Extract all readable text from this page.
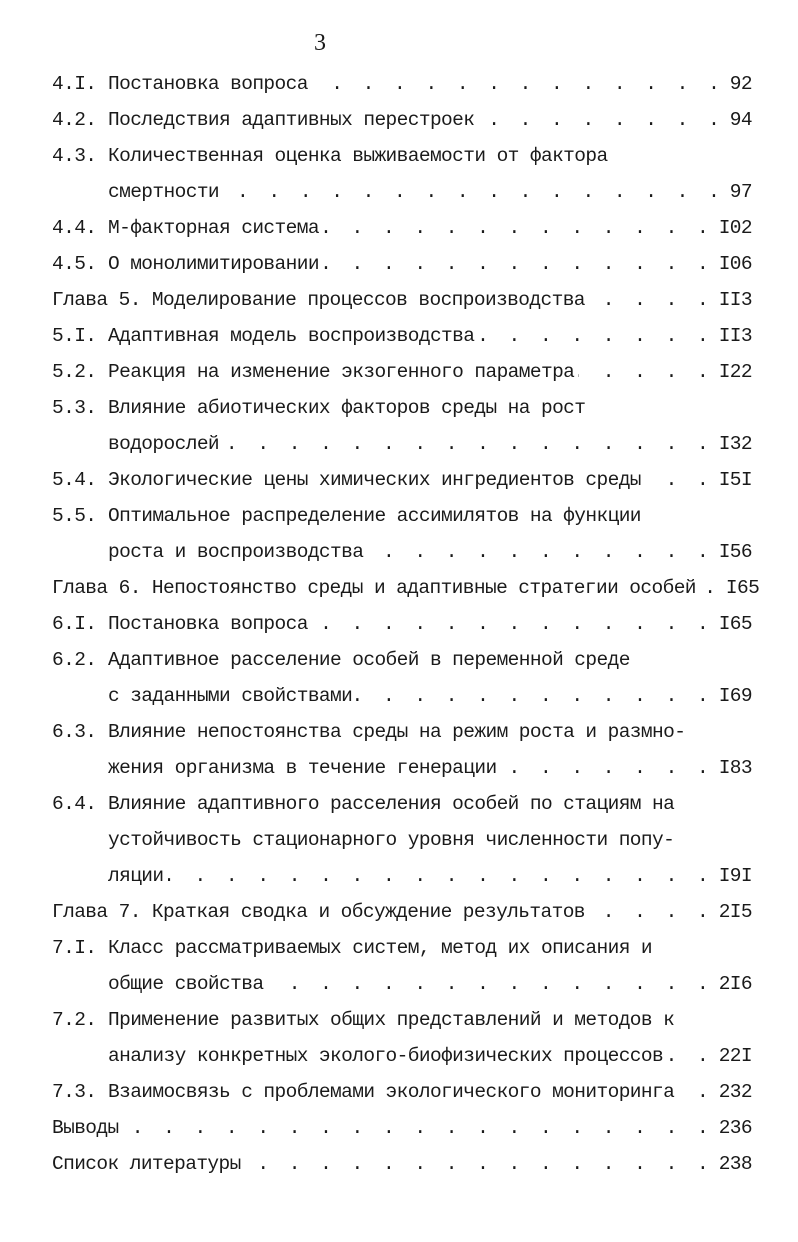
3
4.I. Постановка вопроса . . .	92
4.2. Последствия адаптивных перестроек . . .	94
4.3. Количественная оценка выживаемости от фактора
смертности . . .	97
4.4. М-факторная система . . .	I02
4.5. О монолимитировании . . .	I06
Глава 5. Моделирование процессов воспроизводства . . .	II3
5.I. Адаптивная модель воспроизводства . . .	II3
5.2. Реакция на изменение экзогенного параметра . . .	I22
5.3. Влияние абиотических факторов среды на рост
водорослей . . .	I32
5.4. Экологические цены химических ингредиентов среды . . .	I5I
5.5. Оптимальное распределение ассимилятов на функции
роста и воспроизводства . . .	I56
Глава 6. Непостоянство среды и адаптивные стратегии особей . . . I65
6.I. Постановка вопроса . . .	I65
6.2. Адаптивное расселение особей в переменной среде
с заданными свойствами . . .	I69
6.3. Влияние непостоянства среды на режим роста и размно-
жения организма в течение генерации . . .	I83
6.4. Влияние адаптивного расселения особей по стациям на
устойчивость стационарного уровня численности попу-
ляции . . .	I9I
Глава 7. Краткая сводка и обсуждение результатов . . .	2I5
7.I. Класс рассматриваемых систем, метод их описания и
общие свойства . . .	2I6
7.2. Применение развитых общих представлений и методов к
анализу конкретных эколого-биофизических процессов . . .	22I
7.3. Взаимосвязь с проблемами экологического мониторинга . . . 232
Выводы . . .	236
Список литературы . . .	238
